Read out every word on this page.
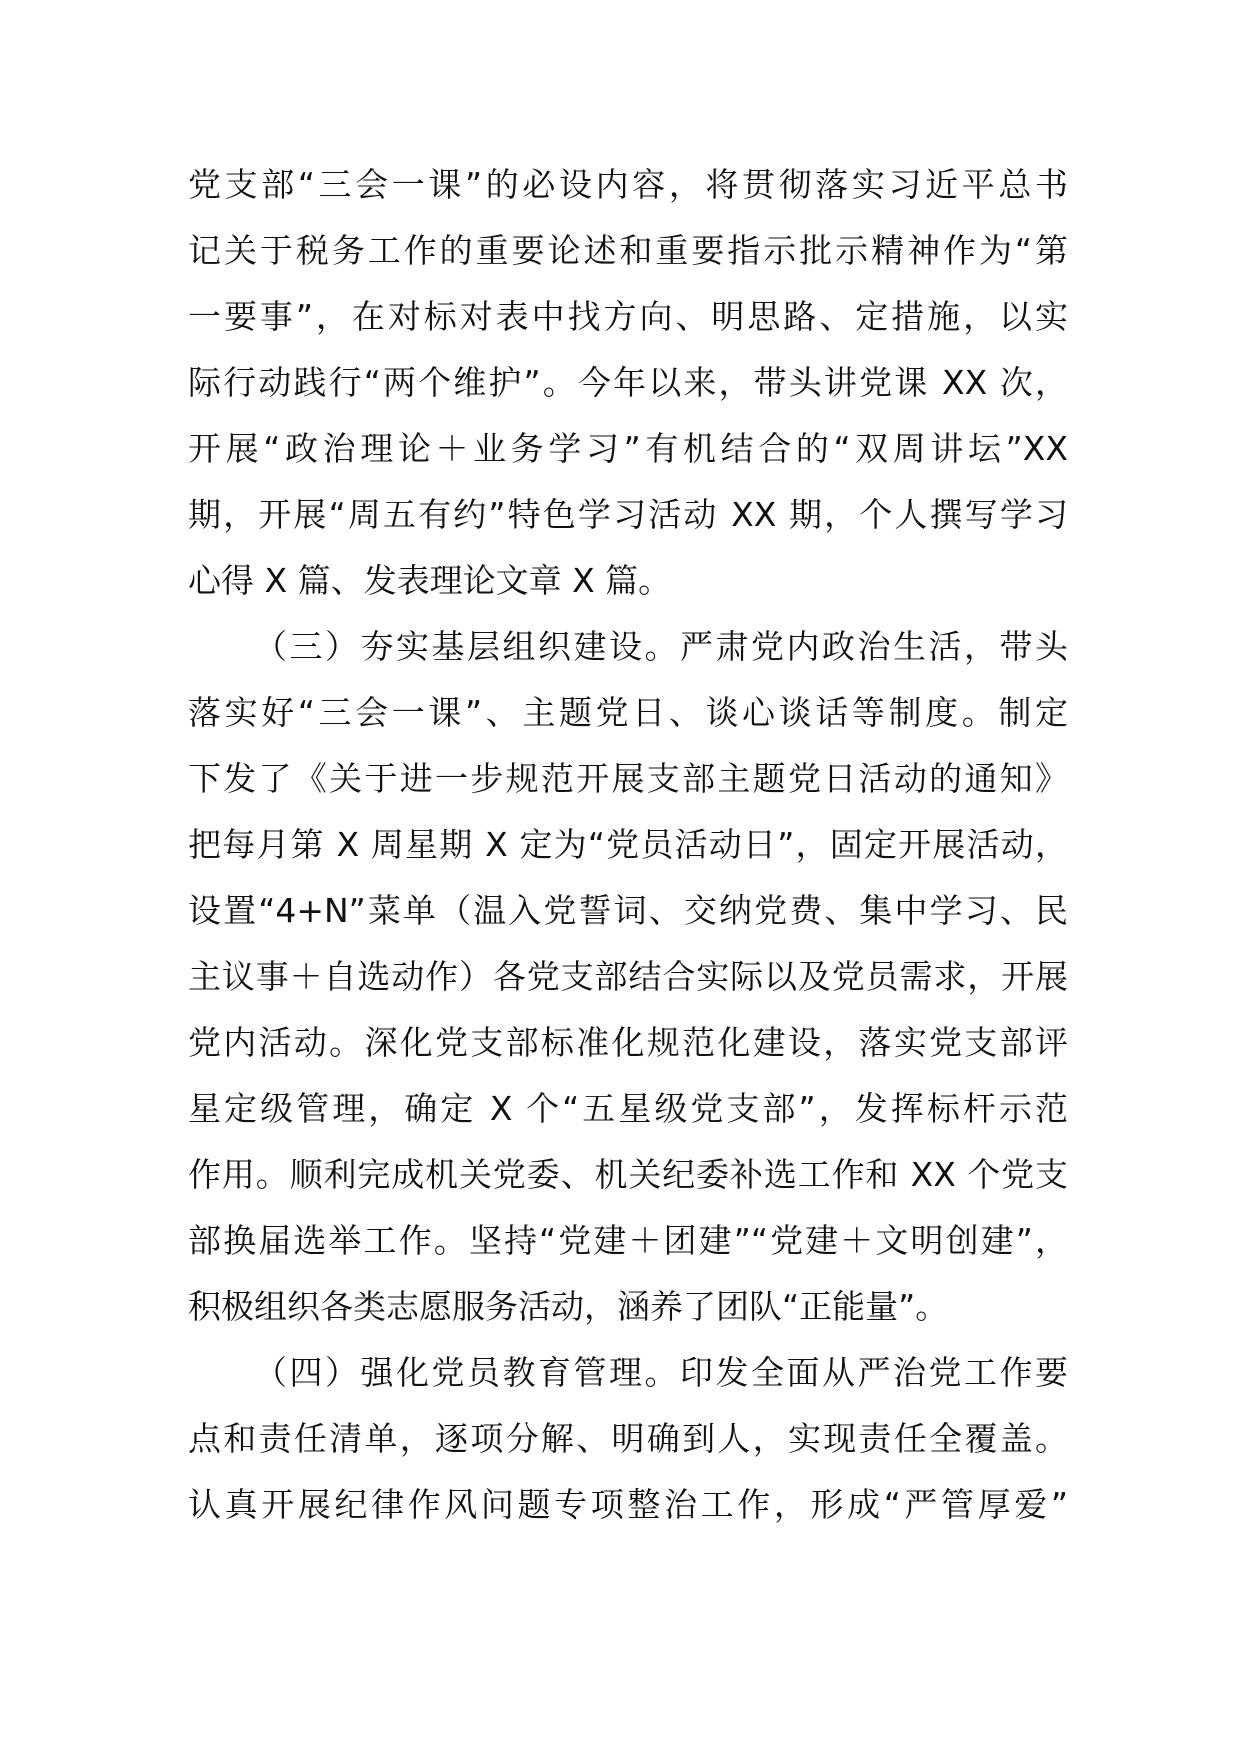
党支部“三会一课”的必设内容，将贯彻落实习近平总书
记关于税务工作的重要论述和重要指示批示精神作为“第
一要事”，在对标对表中找方向、明思路、定措施，以实
际行动践行“两个维护”。今年以来，带头讲党课 XX 次，
开展“政治理论＋业务学习”有机结合的“双周讲坛”XX
期，开展“周五有约”特色学习活动 XX 期，个人撰写学习
心得 X 篇、发表理论文章 X 篇。
（三）夯实基层组织建设。严肃党内政治生活，带头
落实好“三会一课”、主题党日、谈心谈话等制度。制定
下发了《关于进一步规范开展支部主题党日活动的通知》
把每月第 X 周星期 X 定为“党员活动日”，固定开展活动，
设置“4+N”菜单（温入党誓词、交纳党费、集中学习、民
主议事＋自选动作）各党支部结合实际以及党员需求，开展
党内活动。深化党支部标准化规范化建设，落实党支部评
星定级管理，确定 X 个“五星级党支部”，发挥标杆示范
作用。顺利完成机关党委、机关纪委补选工作和 XX 个党支
部换届选举工作。坚持“党建＋团建”“党建＋文明创建”，
积极组织各类志愿服务活动，涵养了团队“正能量”。
（四）强化党员教育管理。印发全面从严治党工作要
点和责任清单，逐项分解、明确到人，实现责任全覆盖。
认真开展纪律作风问题专项整治工作，形成“严管厚爱”
